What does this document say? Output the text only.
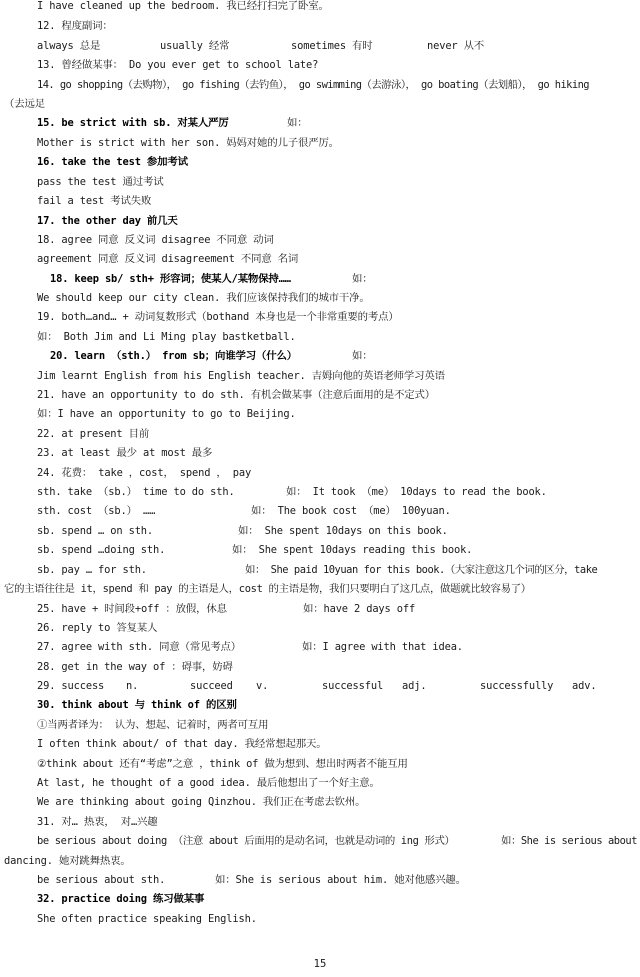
I have cleaned up the bedroom. 我已经打扫完了卧室。
12. 程度副词：
always 总是	usually 经常	sometimes 有时	never 从不
13. 曾经做某事： Do you ever get to school late?
14. go shopping（去购物）， go fishing（去钓鱼）， go swimming（去游泳）， go boating（去划船）， go hiking
（去远足
15. be strict with sb. 对某人严厉	如：
Mother is strict with her son. 妈妈对她的儿子很严厉。
16. take the test 参加考试
pass the test 通过考试
fail a test 考试失败
17. the other day 前几天
18. agree 同意 反义词 disagree 不同意 动词
agreement 同意 反义词 disagreement 不同意 名词
18. keep sb/ sth+ 形容词；使某人/某物保持……	如：
We should keep our city clean. 我们应该保持我们的城市干净。
19. both…and… + 动词复数形式（bothand 本身也是一个非常重要的考点）
如： Both Jim and Li Ming play bastketball.
20. learn （sth.） from sb；向谁学习（什么）	如：
Jim learnt English from his English teacher. 吉姆向他的英语老师学习英语
21. have an opportunity to do sth. 有机会做某事（注意后面用的是不定式）
如：I have an opportunity to go to Beijing.
22. at present 目前
23. at least 最少 at most 最多
24. 花费： take ，cost， spend ， pay
sth. take （sb.） time to do sth.	如： It took （me） 10days to read the book.
sth. cost （sb.） ……	如： The book cost （me） 100yuan.
sb. spend … on sth.	如： She spent 10days on this book.
sb. spend …doing sth.	如： She spent 10days reading this book.
sb. pay … for sth.	如： She paid 10yuan for this book.（大家注意这几个词的区分，take
它的主语往往是 it，spend 和 pay 的主语是人，cost 的主语是物，我们只要明白了这几点，做题就比较容易了）
25. have + 时间段+off ：放假，休息	如：have 2 days off
26. reply to 答复某人
27. agree with sth. 同意（常见考点）	如：I agree with that idea.
28. get in the way of ：碍事，妨碍
29. success n.	succeed v.	successful adj.	successfully adv.
30. think about 与 think of 的区别
①当两者译为： 认为、想起、记着时，两者可互用
I often think about/ of that day. 我经常想起那天。
②think about 还有“考虑”之意 ，think of 做为想到、想出时两者不能互用
At last, he thought of a good idea. 最后他想出了一个好主意。
We are thinking about going Qinzhou. 我们正在考虑去钦州。
31. 对… 热衷， 对…兴趣
be serious about doing （注意 about 后面用的是动名词，也就是动词的 ing 形式）	如：She is serious about
dancing. 她对跳舞热衷。
be serious about sth.	如：She is serious about him. 她对他感兴趣。
32. practice doing 练习做某事
She often practice speaking English.
15
